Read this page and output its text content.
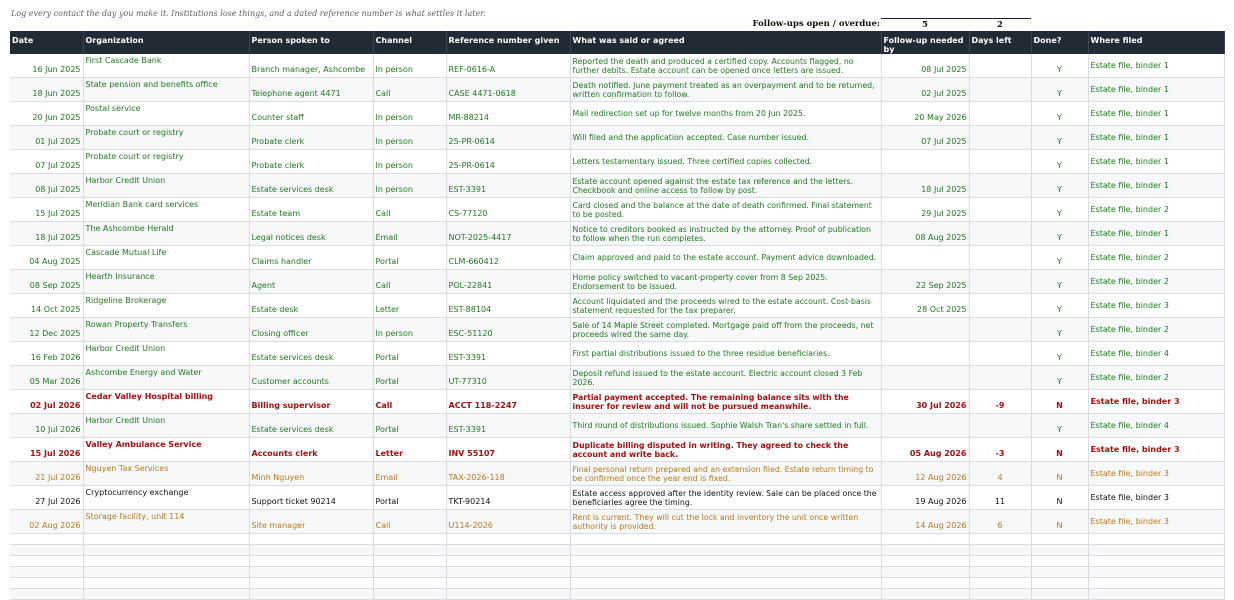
Log every contact the day you make it. Institutions lose things, and a dated reference number is what settles it later.
Follow-ups open / overdue:	5	2
Date	Organization	Person spoken to	Channel	Reference number given	What was said or agreed	Follow-up needed by	Days left	Done?	Where filed
16 Jun 2025	First Cascade Bank	Branch manager, Ashcombe	In person	REF-0616-A	Reported the death and produced a certified copy. Accounts flagged, no further debits. Estate account can be opened once letters are issued.	08 Jul 2025		Y	Estate file, binder 1
18 Jun 2025	State pension and benefits office	Telephone agent 4471	Call	CASE 4471-0618	Death notified. June payment treated as an overpayment and to be returned, written confirmation to follow.	02 Jul 2025		Y	Estate file, binder 1
20 Jun 2025	Postal service	Counter staff	In person	MR-88214	Mail redirection set up for twelve months from 20 Jun 2025.	20 May 2026		Y	Estate file, binder 1
01 Jul 2025	Probate court or registry	Probate clerk	In person	25-PR-0614	Will filed and the application accepted. Case number issued.	07 Jul 2025		Y	Estate file, binder 1
07 Jul 2025	Probate court or registry	Probate clerk	In person	25-PR-0614	Letters testamentary issued. Three certified copies collected.			Y	Estate file, binder 1
08 Jul 2025	Harbor Credit Union	Estate services desk	In person	EST-3391	Estate account opened against the estate tax reference and the letters. Checkbook and online access to follow by post.	18 Jul 2025		Y	Estate file, binder 1
15 Jul 2025	Meridian Bank card services	Estate team	Call	CS-77120	Card closed and the balance at the date of death confirmed. Final statement to be posted.	29 Jul 2025		Y	Estate file, binder 2
18 Jul 2025	The Ashcombe Herald	Legal notices desk	Email	NOT-2025-4417	Notice to creditors booked as instructed by the attorney. Proof of publication to follow when the run completes.	08 Aug 2025		Y	Estate file, binder 1
04 Aug 2025	Cascade Mutual Life	Claims handler	Portal	CLM-660412	Claim approved and paid to the estate account. Payment advice downloaded.			Y	Estate file, binder 2
08 Sep 2025	Hearth Insurance	Agent	Call	POL-22841	Home policy switched to vacant-property cover from 8 Sep 2025. Endorsement to be issued.	22 Sep 2025		Y	Estate file, binder 2
14 Oct 2025	Ridgeline Brokerage	Estate desk	Letter	EST-88104	Account liquidated and the proceeds wired to the estate account. Cost-basis statement requested for the tax preparer.	28 Oct 2025		Y	Estate file, binder 3
12 Dec 2025	Rowan Property Transfers	Closing officer	In person	ESC-51120	Sale of 14 Maple Street completed. Mortgage paid off from the proceeds, net proceeds wired the same day.			Y	Estate file, binder 2
16 Feb 2026	Harbor Credit Union	Estate services desk	Portal	EST-3391	First partial distributions issued to the three residue beneficiaries.			Y	Estate file, binder 4
05 Mar 2026	Ashcombe Energy and Water	Customer accounts	Portal	UT-77310	Deposit refund issued to the estate account. Electric account closed 3 Feb 2026.			Y	Estate file, binder 2
02 Jul 2026	Cedar Valley Hospital billing	Billing supervisor	Call	ACCT 118-2247	Partial payment accepted. The remaining balance sits with the insurer for review and will not be pursued meanwhile.	30 Jul 2026	-9	N	Estate file, binder 3
10 Jul 2026	Harbor Credit Union	Estate services desk	Portal	EST-3391	Third round of distributions issued. Sophie Walsh Tran's share settled in full.			Y	Estate file, binder 4
15 Jul 2026	Valley Ambulance Service	Accounts clerk	Letter	INV 55107	Duplicate billing disputed in writing. They agreed to check the account and write back.	05 Aug 2026	-3	N	Estate file, binder 3
21 Jul 2026	Nguyen Tax Services	Minh Nguyen	Email	TAX-2026-118	Final personal return prepared and an extension filed. Estate return timing to be confirmed once the year end is fixed.	12 Aug 2026	4	N	Estate file, binder 3
27 Jul 2026	Cryptocurrency exchange	Support ticket 90214	Portal	TKT-90214	Estate access approved after the identity review. Sale can be placed once the beneficiaries agree the timing.	19 Aug 2026	11	N	Estate file, binder 3
02 Aug 2026	Storage facility, unit 114	Site manager	Call	U114-2026	Rent is current. They will cut the lock and inventory the unit once written authority is provided.	14 Aug 2026	6	N	Estate file, binder 3
